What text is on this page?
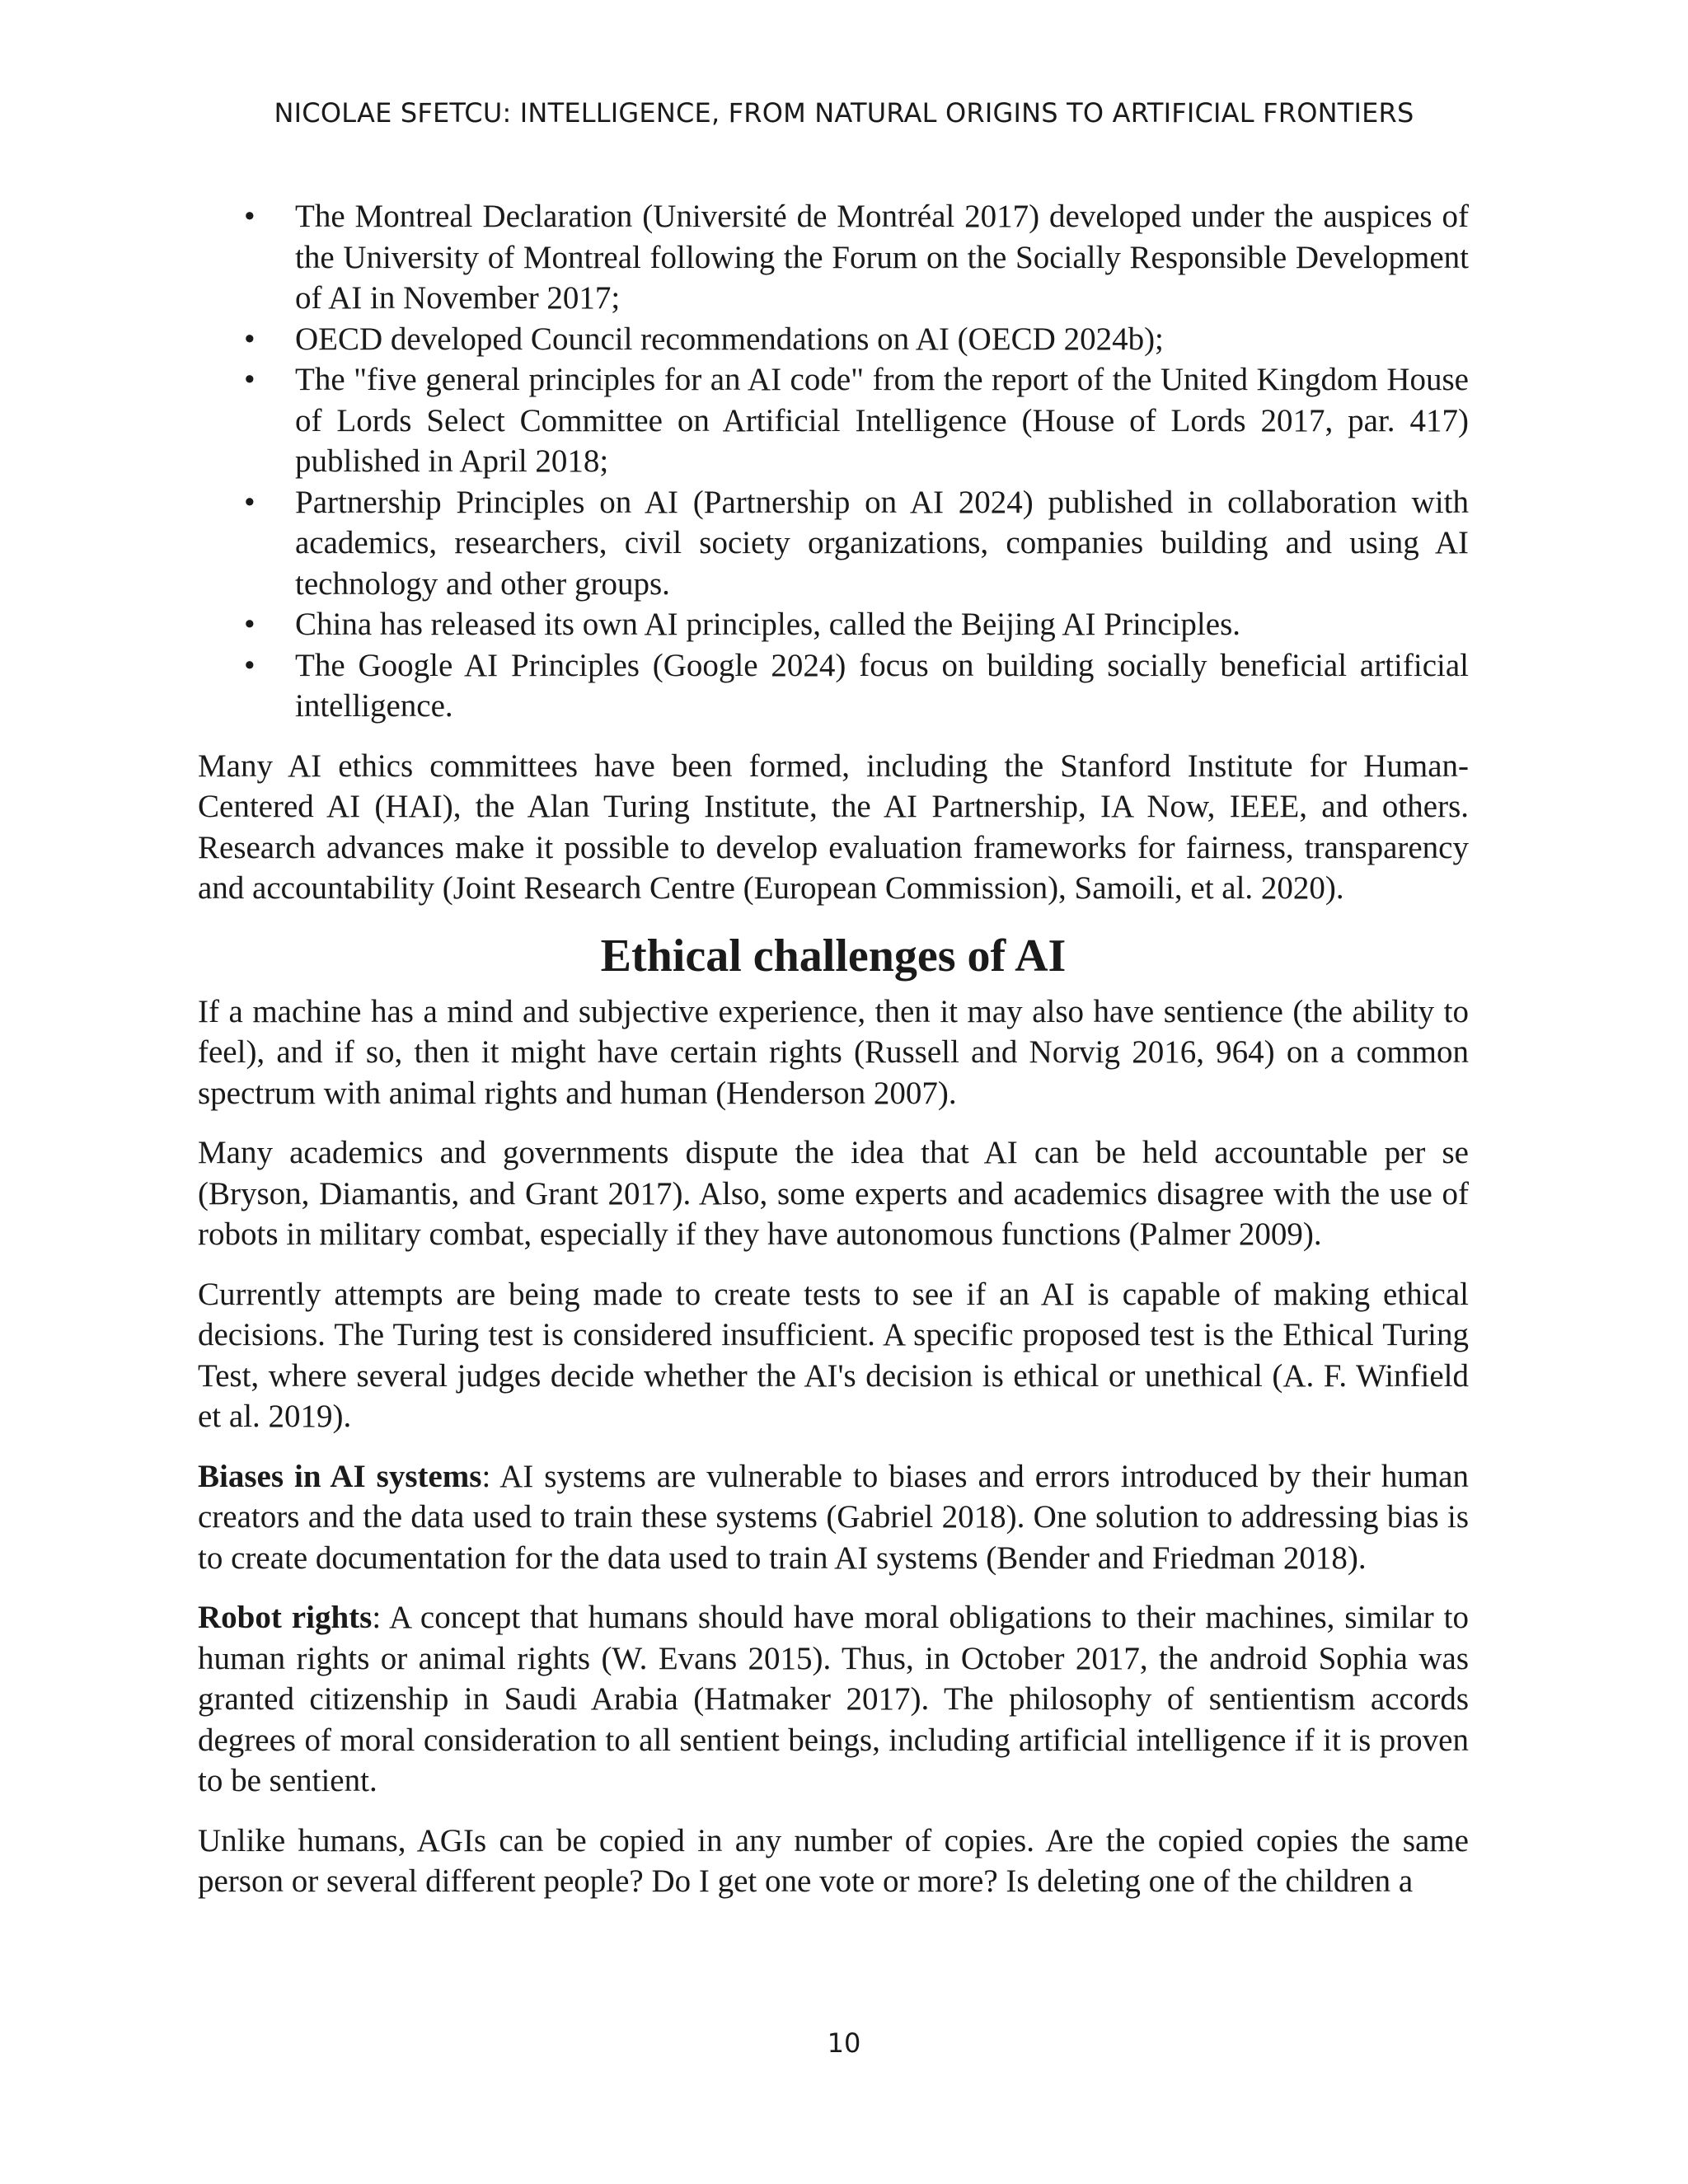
NICOLAE SFETCU: INTELLIGENCE, FROM NATURAL ORIGINS TO ARTIFICIAL FRONTIERS
• The Montreal Declaration (Université de Montréal 2017) developed under the auspices of the University of Montreal following the Forum on the Socially Responsible Development of AI in November 2017;
• OECD developed Council recommendations on AI (OECD 2024b);
• The "five general principles for an AI code" from the report of the United Kingdom House of Lords Select Committee on Artificial Intelligence (House of Lords 2017, par. 417) published in April 2018;
• Partnership Principles on AI (Partnership on AI 2024) published in collaboration with academics, researchers, civil society organizations, companies building and using AI technology and other groups.
• China has released its own AI principles, called the Beijing AI Principles.
• The Google AI Principles (Google 2024) focus on building socially beneficial artificial intelligence.

Many AI ethics committees have been formed, including the Stanford Institute for Human-Centered AI (HAI), the Alan Turing Institute, the AI Partnership, IA Now, IEEE, and others. Research advances make it possible to develop evaluation frameworks for fairness, transparency and accountability (Joint Research Centre (European Commission), Samoili, et al. 2020).

Ethical challenges of AI

If a machine has a mind and subjective experience, then it may also have sentience (the ability to feel), and if so, then it might have certain rights (Russell and Norvig 2016, 964) on a common spectrum with animal rights and human (Henderson 2007).

Many academics and governments dispute the idea that AI can be held accountable per se (Bryson, Diamantis, and Grant 2017). Also, some experts and academics disagree with the use of robots in military combat, especially if they have autonomous functions (Palmer 2009).

Currently attempts are being made to create tests to see if an AI is capable of making ethical decisions. The Turing test is considered insufficient. A specific proposed test is the Ethical Turing Test, where several judges decide whether the AI's decision is ethical or unethical (A. F. Winfield et al. 2019).

Biases in AI systems: AI systems are vulnerable to biases and errors introduced by their human creators and the data used to train these systems (Gabriel 2018). One solution to addressing bias is to create documentation for the data used to train AI systems (Bender and Friedman 2018).

Robot rights: A concept that humans should have moral obligations to their machines, similar to human rights or animal rights (W. Evans 2015). Thus, in October 2017, the android Sophia was granted citizenship in Saudi Arabia (Hatmaker 2017). The philosophy of sentientism accords degrees of moral consideration to all sentient beings, including artificial intelligence if it is proven to be sentient.

Unlike humans, AGIs can be copied in any number of copies. Are the copied copies the same person or several different people? Do I get one vote or more? Is deleting one of the children a

10
